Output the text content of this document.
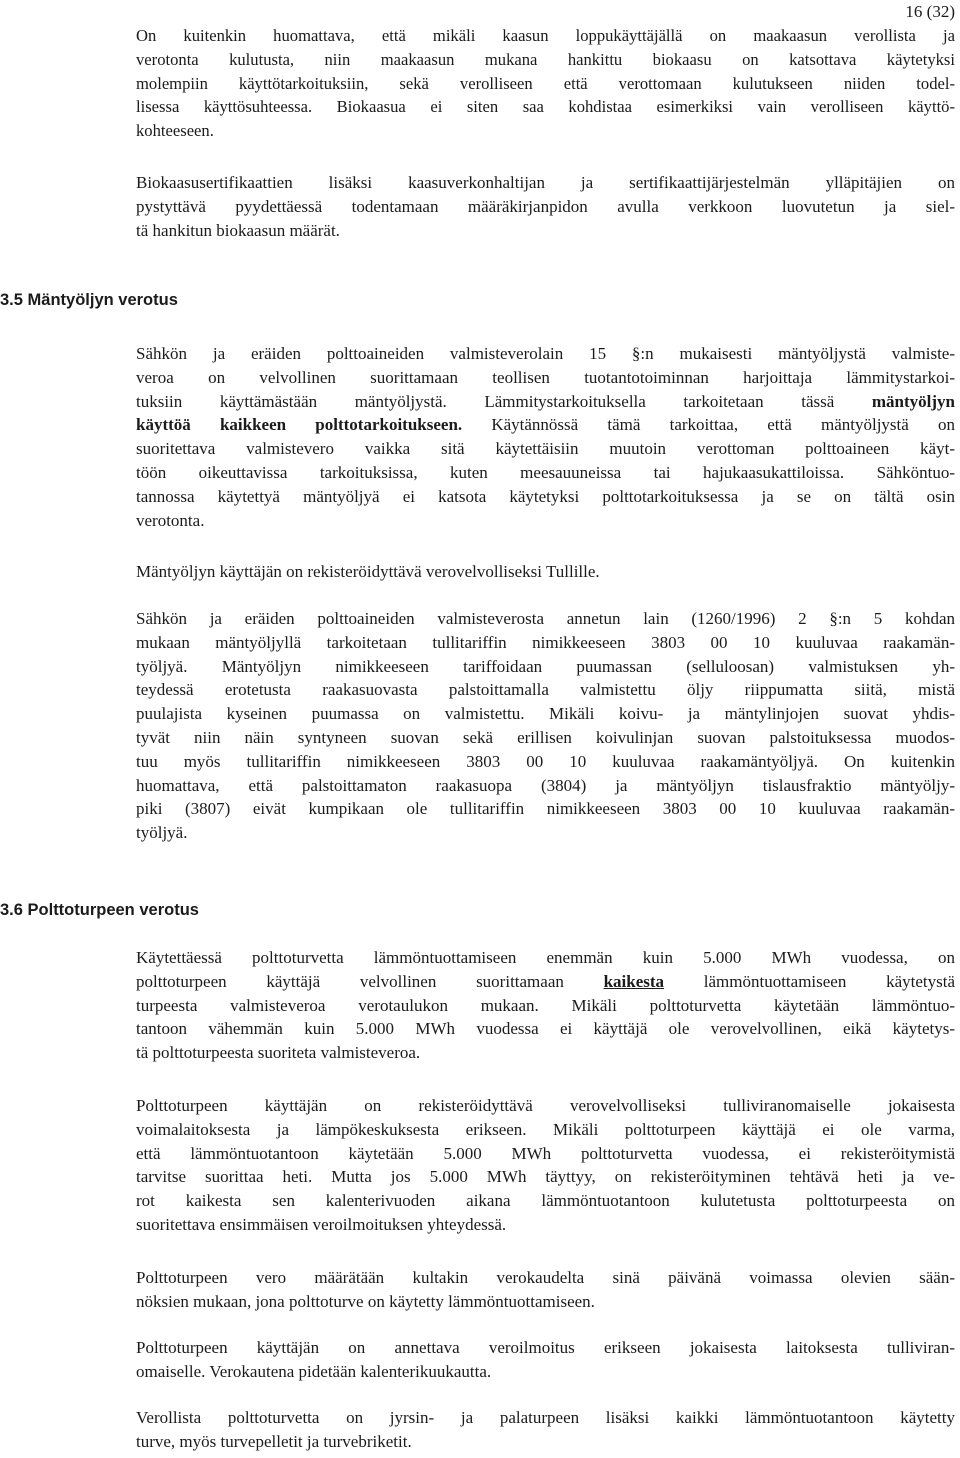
16 (32)
On kuitenkin huomattava, että mikäli kaasun loppukäyttäjällä on maakaasun verollista ja
verotonta kulutusta, niin maakaasun mukana hankittu biokaasu on katsottava käytetyksi
molempiin käyttötarkoituksiin, sekä verolliseen että verottomaan kulutukseen niiden todel-
lisessa käyttösuhteessa. Biokaasua ei siten saa kohdistaa esimerkiksi vain verolliseen käyttö-
kohteeseen.
Biokaasusertifikaattien lisäksi kaasuverkonhaltijan ja sertifikaattijärjestelmän ylläpitäjien on
pystyttävä pyydettäessä todentamaan määräkirjanpidon avulla verkkoon luovutetun ja siel-
tä hankitun biokaasun määrät.
3.5 Mäntyöljyn verotus
Sähkön ja eräiden polttoaineiden valmisteverolain 15 §:n mukaisesti mäntyöljystä valmiste-
veroa on velvollinen suorittamaan teollisen tuotantotoiminnan harjoittaja lämmitystarkoi-
tuksiin käyttämästään mäntyöljystä. Lämmitystarkoituksella tarkoitetaan tässä mäntyöljyn
käyttöä kaikkeen polttotarkoitukseen. Käytännössä tämä tarkoittaa, että mäntyöljystä on
suoritettava valmistevero vaikka sitä käytettäisiin muutoin verottoman polttoaineen käyt-
töön oikeuttavissa tarkoituksissa, kuten meesauuneissa tai hajukaasukattiloissa. Sähköntuo-
tannossa käytettyä mäntyöljyä ei katsota käytetyksi polttotarkoituksessa ja se on tältä osin
verotonta.
Mäntyöljyn käyttäjän on rekisteröidyttävä verovelvolliseksi Tullille.
Sähkön ja eräiden polttoaineiden valmisteverosta annetun lain (1260/1996) 2 §:n 5 kohdan
mukaan mäntyöljyllä tarkoitetaan tullitariffin nimikkeeseen 3803 00 10 kuuluvaa raakamän-
työljyä. Mäntyöljyn nimikkeeseen tariffoidaan puumassan (selluloosan) valmistuksen yh-
teydessä erotetusta raakasuovasta palstoittamalla valmistettu öljy riippumatta siitä, mistä
puulajista kyseinen puumassa on valmistettu. Mikäli koivu- ja mäntylinjojen suovat yhdis-
tyvät niin näin syntyneen suovan sekä erillisen koivulinjan suovan palstoituksessa muodos-
tuu myös tullitariffin nimikkeeseen 3803 00 10 kuuluvaa raakamäntyöljyä. On kuitenkin
huomattava, että palstoittamaton raakasuopa (3804) ja mäntyöljyn tislausfraktio mäntyöljy-
piki (3807) eivät kumpikaan ole tullitariffin nimikkeeseen 3803 00 10 kuuluvaa raakamän-
työljyä.
3.6 Polttoturpeen verotus
Käytettäessä polttoturvetta lämmöntuottamiseen enemmän kuin 5.000 MWh vuodessa, on
polttoturpeen käyttäjä velvollinen suorittamaan kaikesta lämmöntuottamiseen käytetystä
turpeesta valmisteveroa verotaulukon mukaan. Mikäli polttoturvetta käytetään lämmöntuo-
tantoon vähemmän kuin 5.000 MWh vuodessa ei käyttäjä ole verovelvollinen, eikä käytetys-
tä polttoturpeesta suoriteta valmisteveroa.
Polttoturpeen käyttäjän on rekisteröidyttävä verovelvolliseksi tulliviranomaiselle jokaisesta
voimalaitoksesta ja lämpökeskuksesta erikseen. Mikäli polttoturpeen käyttäjä ei ole varma,
että lämmöntuotantoon käytetään 5.000 MWh polttoturvetta vuodessa, ei rekisteröitymistä
tarvitse suorittaa heti. Mutta jos 5.000 MWh täyttyy, on rekisteröityminen tehtävä heti ja ve-
rot kaikesta sen kalenterivuoden aikana lämmöntuotantoon kulutetusta polttoturpeesta on
suoritettava ensimmäisen veroilmoituksen yhteydessä.
Polttoturpeen vero määrätään kultakin verokaudelta sinä päivänä voimassa olevien sään-
nöksien mukaan, jona polttoturve on käytetty lämmöntuottamiseen.
Polttoturpeen käyttäjän on annettava veroilmoitus erikseen jokaisesta laitoksesta tulliviran-
omaiselle. Verokautena pidetään kalenterikuukautta.
Verollista polttoturvetta on jyrsin- ja palaturpeen lisäksi kaikki lämmöntuotantoon käytetty
turve, myös turvepelletit ja turvebriketit.
